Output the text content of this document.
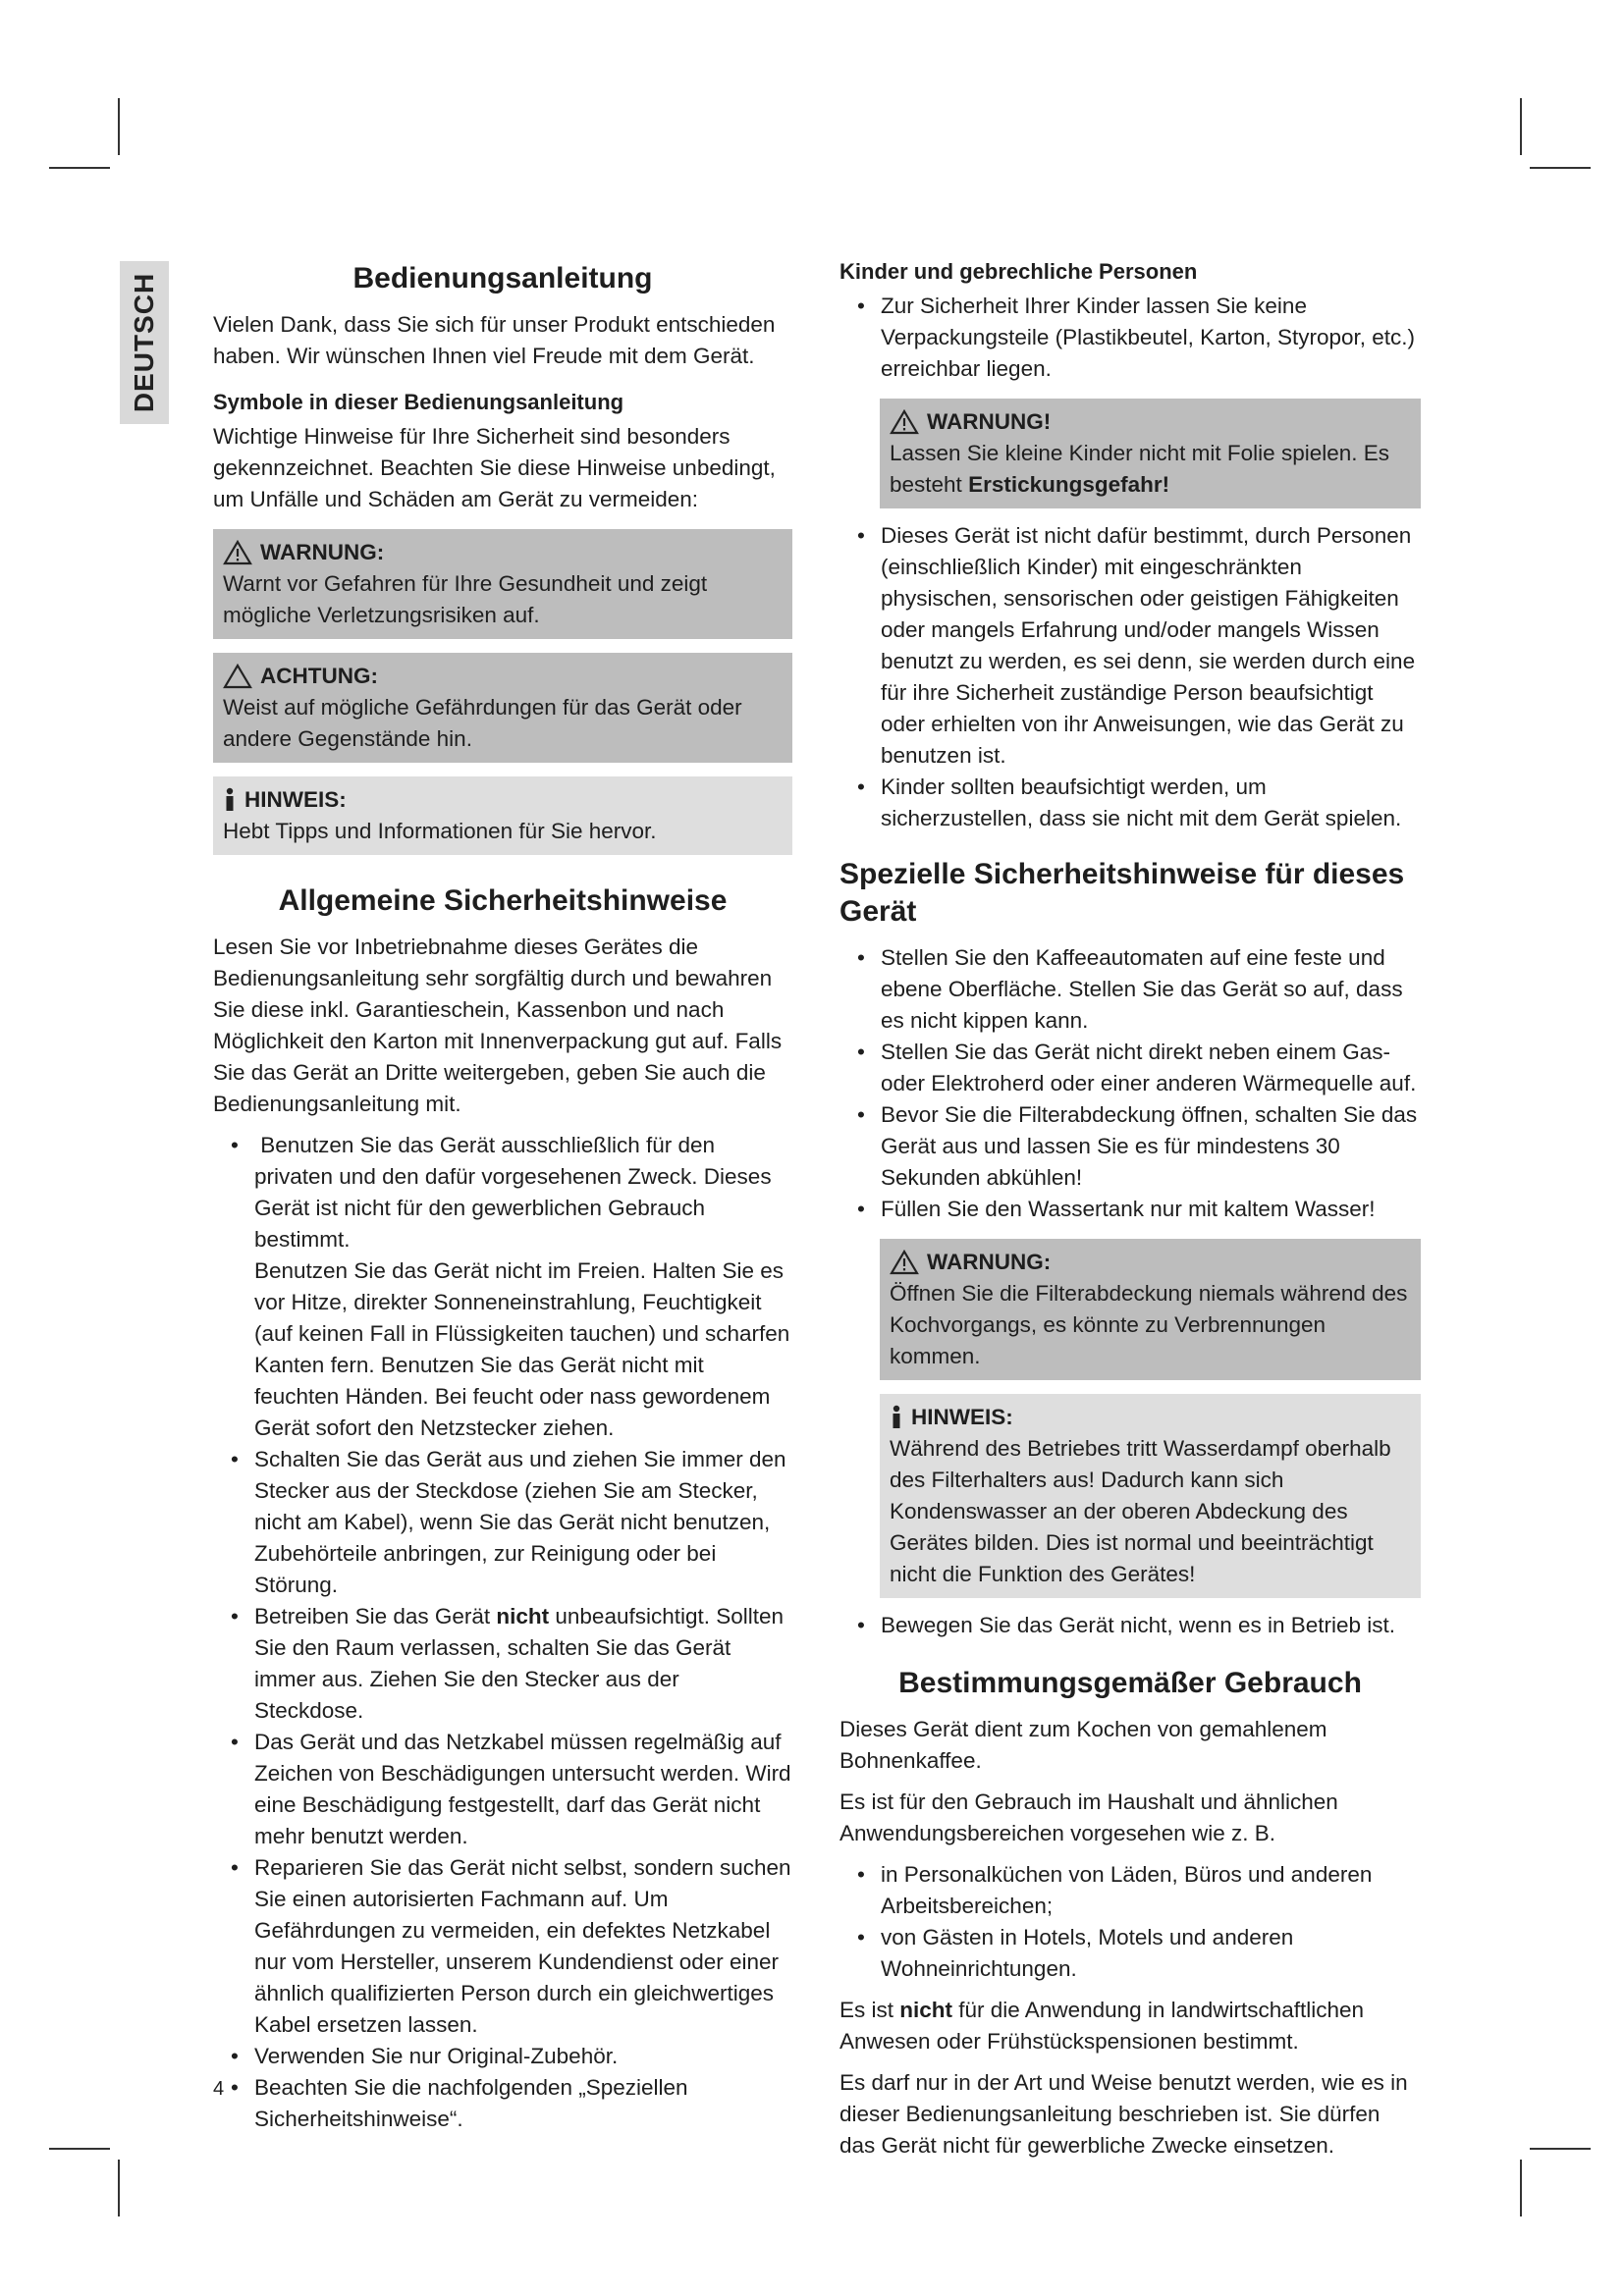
DEUTSCH	Bedienungsanleitung

Vielen Dank, dass Sie sich für unser Produkt entschieden haben. Wir wünschen Ihnen viel Freude mit dem Gerät.

Symbole in dieser Bedienungsanleitung

Wichtige Hinweise für Ihre Sicherheit sind besonders gekennzeichnet. Beachten Sie diese Hinweise unbedingt, um Unfälle und Schäden am Gerät zu vermeiden:

WARNUNG:
Warnt vor Gefahren für Ihre Gesundheit und zeigt mögliche Verletzungsrisiken auf.
ACHTUNG:
Weist auf mögliche Gefährdungen für das Gerät oder andere Gegenstände hin.
HINWEIS:
Hebt Tipps und Informationen für Sie hervor.
Allgemeine Sicherheitshinweise

Lesen Sie vor Inbetriebnahme dieses Gerätes die Bedienungsanleitung sehr sorgfältig durch und bewahren Sie diese inkl. Garantieschein, Kassenbon und nach Möglichkeit den Karton mit Innenverpackung gut auf. Falls Sie das Gerät an Dritte weitergeben, geben Sie auch die Bedienungsanleitung mit.

• Benutzen Sie das Gerät ausschließlich für den privaten und den dafür vorgesehenen Zweck. Dieses Gerät ist nicht für den gewerblichen Gebrauch bestimmt.
Benutzen Sie das Gerät nicht im Freien. Halten Sie es vor Hitze, direkter Sonneneinstrahlung, Feuchtigkeit (auf keinen Fall in Flüssigkeiten tauchen) und scharfen Kanten fern. Benutzen Sie das Gerät nicht mit feuchten Händen. Bei feucht oder nass gewordenem Gerät sofort den Netzstecker ziehen.
• Schalten Sie das Gerät aus und ziehen Sie immer den Stecker aus der Steckdose (ziehen Sie am Stecker, nicht am Kabel), wenn Sie das Gerät nicht benutzen, Zubehörteile anbringen, zur Reinigung oder bei Störung.
• Betreiben Sie das Gerät nicht unbeaufsichtigt. Sollten Sie den Raum verlassen, schalten Sie das Gerät immer aus. Ziehen Sie den Stecker aus der Steckdose.
• Das Gerät und das Netzkabel müssen regelmäßig auf Zeichen von Beschädigungen untersucht werden. Wird eine Beschädigung festgestellt, darf das Gerät nicht mehr benutzt werden.
• Reparieren Sie das Gerät nicht selbst, sondern suchen Sie einen autorisierten Fachmann auf. Um Gefährdungen zu vermeiden, ein defektes Netzkabel nur vom Hersteller, unserem Kundendienst oder einer ähnlich qualifizierten Person durch ein gleichwertiges Kabel ersetzen lassen.
• Verwenden Sie nur Original-Zubehör.
• Beachten Sie die nachfolgenden „Speziellen Sicherheitshinweise“.
Kinder und gebrechliche Personen
• Zur Sicherheit Ihrer Kinder lassen Sie keine Verpackungsteile (Plastikbeutel, Karton, Styropor, etc.) erreichbar liegen.
WARNUNG!
Lassen Sie kleine Kinder nicht mit Folie spielen. Es besteht Erstickungsgefahr!
• Dieses Gerät ist nicht dafür bestimmt, durch Personen (einschließlich Kinder) mit eingeschränkten physischen, sensorischen oder geistigen Fähigkeiten oder mangels Erfahrung und/oder mangels Wissen benutzt zu werden, es sei denn, sie werden durch eine für ihre Sicherheit zuständige Person beaufsichtigt oder erhielten von ihr Anweisungen, wie das Gerät zu benutzen ist.
• Kinder sollten beaufsichtigt werden, um sicherzustellen, dass sie nicht mit dem Gerät spielen.
Spezielle Sicherheitshinweise für dieses Gerät
• Stellen Sie den Kaffeeautomaten auf eine feste und ebene Oberfläche. Stellen Sie das Gerät so auf, dass es nicht kippen kann.
• Stellen Sie das Gerät nicht direkt neben einem Gas- oder Elektroherd oder einer anderen Wärmequelle auf.
• Bevor Sie die Filterabdeckung öffnen, schalten Sie das Gerät aus und lassen Sie es für mindestens 30 Sekunden abkühlen!
• Füllen Sie den Wassertank nur mit kaltem Wasser!
WARNUNG:
Öffnen Sie die Filterabdeckung niemals während des Kochvorgangs, es könnte zu Verbrennungen kommen.
HINWEIS:
Während des Betriebes tritt Wasserdampf oberhalb des Filterhalters aus! Dadurch kann sich Kondenswasser an der oberen Abdeckung des Gerätes bilden. Dies ist normal und beeinträchtigt nicht die Funktion des Gerätes!
• Bewegen Sie das Gerät nicht, wenn es in Betrieb ist.
Bestimmungsgemäßer Gebrauch

Dieses Gerät dient zum Kochen von gemahlenem Bohnenkaffee.

Es ist für den Gebrauch im Haushalt und ähnlichen Anwendungsbereichen vorgesehen wie z. B.

• in Personalküchen von Läden, Büros und anderen Arbeitsbereichen;
• von Gästen in Hotels, Motels und anderen Wohneinrichtungen.

Es ist nicht für die Anwendung in landwirtschaftlichen Anwesen oder Frühstückspensionen bestimmt.

Es darf nur in der Art und Weise benutzt werden, wie es in dieser Bedienungsanleitung beschrieben ist. Sie dürfen das Gerät nicht für gewerbliche Zwecke einsetzen.

4
